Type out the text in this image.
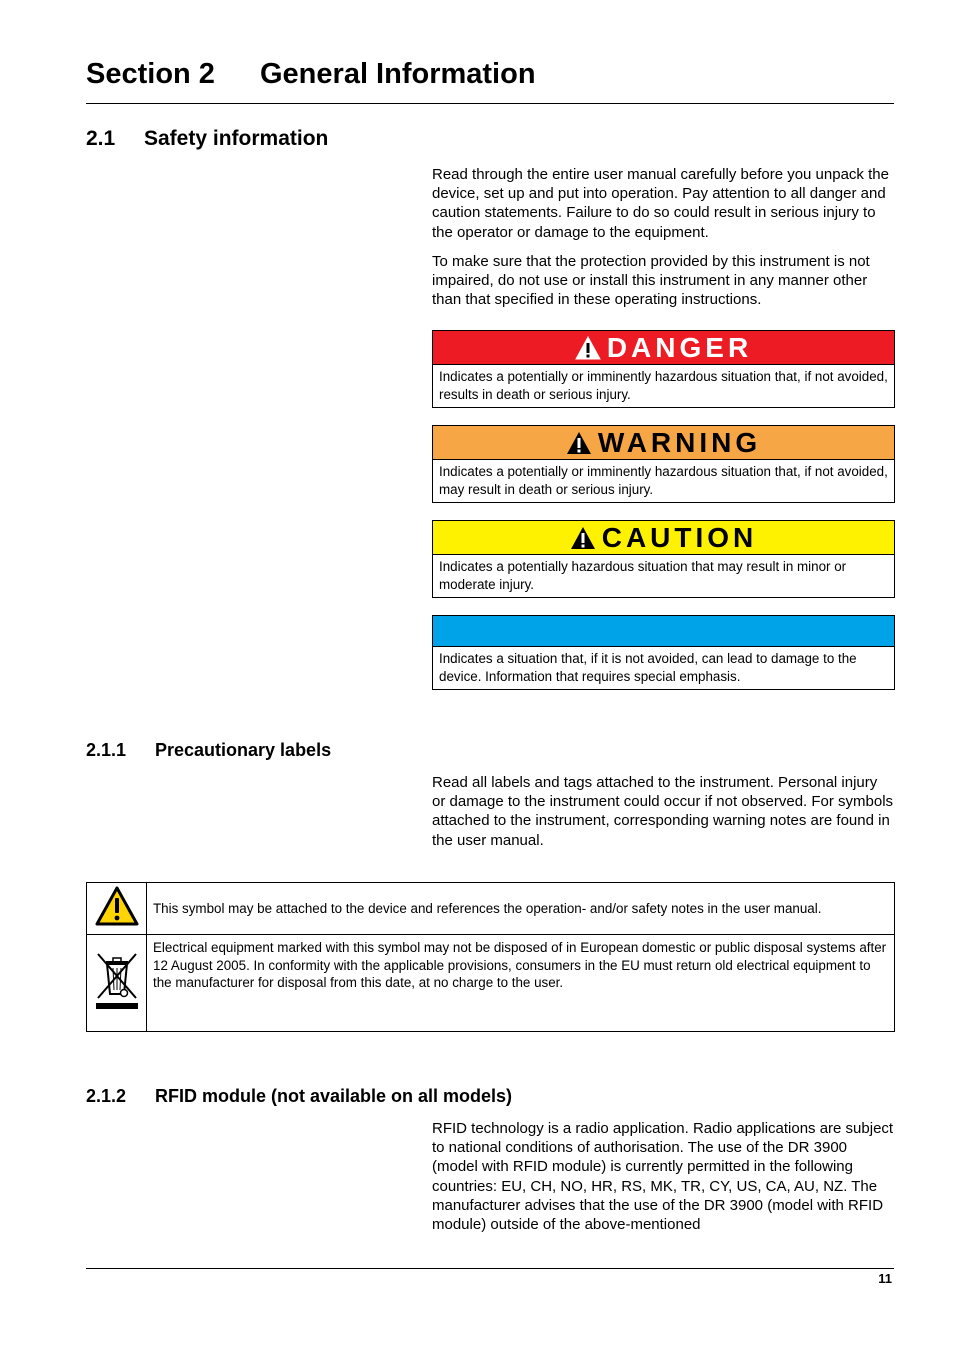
Section 2 General Information
2.1 Safety information
Read through the entire user manual carefully before you unpack the device, set up and put into operation. Pay attention to all danger and caution statements. Failure to do so could result in serious injury to the operator or damage to the equipment.
To make sure that the protection provided by this instrument is not impaired, do not use or install this instrument in any manner other than that specified in these operating instructions.
DANGER
Indicates a potentially or imminently hazardous situation that, if not avoided, results in death or serious injury.
WARNING
Indicates a potentially or imminently hazardous situation that, if not avoided, may result in death or serious injury.
CAUTION
Indicates a potentially hazardous situation that may result in minor or moderate injury.
Indicates a situation that, if it is not avoided, can lead to damage to the device. Information that requires special emphasis.
2.1.1 Precautionary labels
Read all labels and tags attached to the instrument. Personal injury or damage to the instrument could occur if not observed. For symbols attached to the instrument, corresponding warning notes are found in the user manual.
	This symbol may be attached to the device and references the operation- and/or safety notes in the user manual.
	Electrical equipment marked with this symbol may not be disposed of in European domestic or public disposal systems after 12 August 2005. In conformity with the applicable provisions, consumers in the EU must return old electrical equipment to the manufacturer for disposal from this date, at no charge to the user.
2.1.2 RFID module (not available on all models)
RFID technology is a radio application. Radio applications are subject to national conditions of authorisation. The use of the DR 3900 (model with RFID module) is currently permitted in the following countries: EU, CH, NO, HR, RS, MK, TR, CY, US, CA, AU, NZ. The manufacturer advises that the use of the DR 3900 (model with RFID module) outside of the above-mentioned
11
